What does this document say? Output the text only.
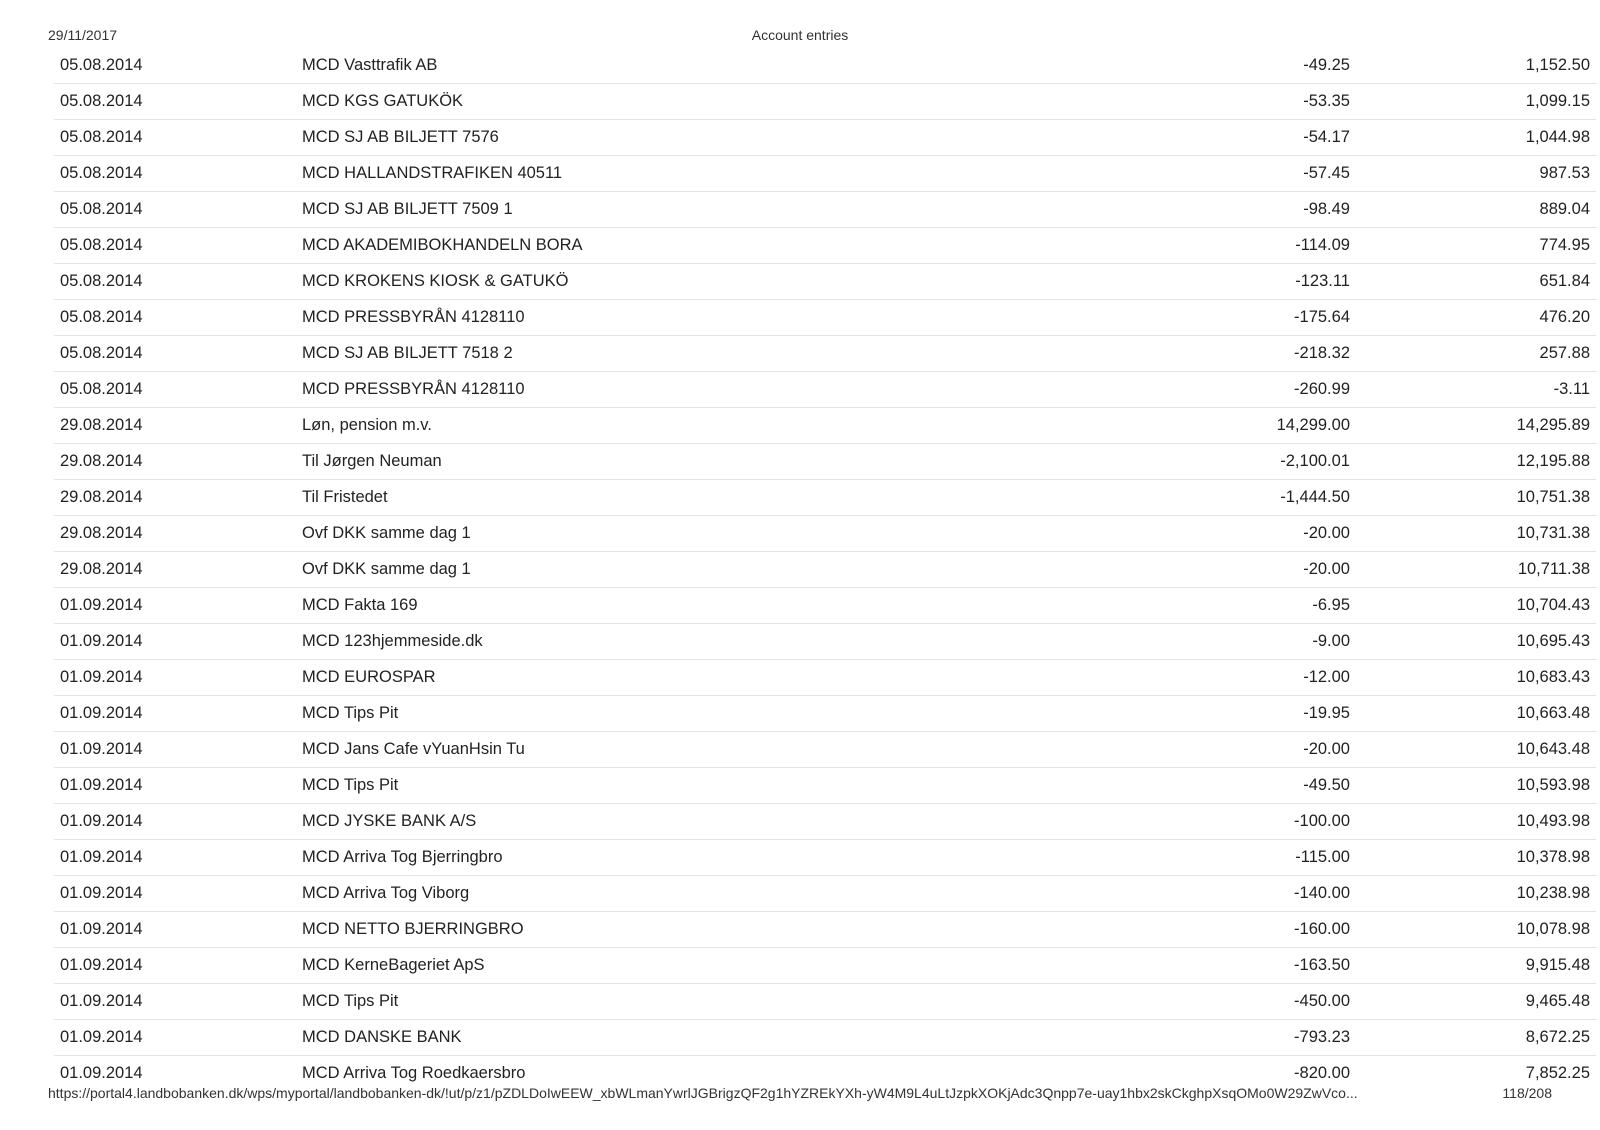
29/11/2017	Account entries
05.08.2014	MCD Vasttrafik AB	-49.25	1,152.50
05.08.2014	MCD KGS GATUKÖK	-53.35	1,099.15
05.08.2014	MCD SJ AB BILJETT 7576	-54.17	1,044.98
05.08.2014	MCD HALLANDSTRAFIKEN 40511	-57.45	987.53
05.08.2014	MCD SJ AB BILJETT 7509 1	-98.49	889.04
05.08.2014	MCD AKADEMIBOKHANDELN BORA	-114.09	774.95
05.08.2014	MCD KROKENS KIOSK & GATUKÖ	-123.11	651.84
05.08.2014	MCD PRESSBYRÅN 4128110	-175.64	476.20
05.08.2014	MCD SJ AB BILJETT 7518 2	-218.32	257.88
05.08.2014	MCD PRESSBYRÅN 4128110	-260.99	-3.11
29.08.2014	Løn, pension m.v.	14,299.00	14,295.89
29.08.2014	Til Jørgen Neuman	-2,100.01	12,195.88
29.08.2014	Til Fristedet	-1,444.50	10,751.38
29.08.2014	Ovf DKK samme dag 1	-20.00	10,731.38
29.08.2014	Ovf DKK samme dag 1	-20.00	10,711.38
01.09.2014	MCD Fakta 169	-6.95	10,704.43
01.09.2014	MCD 123hjemmeside.dk	-9.00	10,695.43
01.09.2014	MCD EUROSPAR	-12.00	10,683.43
01.09.2014	MCD Tips Pit	-19.95	10,663.48
01.09.2014	MCD Jans Cafe vYuanHsin Tu	-20.00	10,643.48
01.09.2014	MCD Tips Pit	-49.50	10,593.98
01.09.2014	MCD JYSKE BANK A/S	-100.00	10,493.98
01.09.2014	MCD Arriva Tog Bjerringbro	-115.00	10,378.98
01.09.2014	MCD Arriva Tog Viborg	-140.00	10,238.98
01.09.2014	MCD NETTO BJERRINGBRO	-160.00	10,078.98
01.09.2014	MCD KerneBageriet ApS	-163.50	9,915.48
01.09.2014	MCD Tips Pit	-450.00	9,465.48
01.09.2014	MCD DANSKE BANK	-793.23	8,672.25
01.09.2014	MCD Arriva Tog Roedkaersbro	-820.00	7,852.25
https://portal4.landbobanken.dk/wps/myportal/landbobanken-dk/!ut/p/z1/pZDLDoIwEEW_xbWLmanYwrlJGBrigzQF2g1hYZREkYXh-yW4M9L4uLtJzpkXOKjAdc3Qnpp7e-uay1hbx2skCkghpXsqOMo0W29ZwVco...	118/208
